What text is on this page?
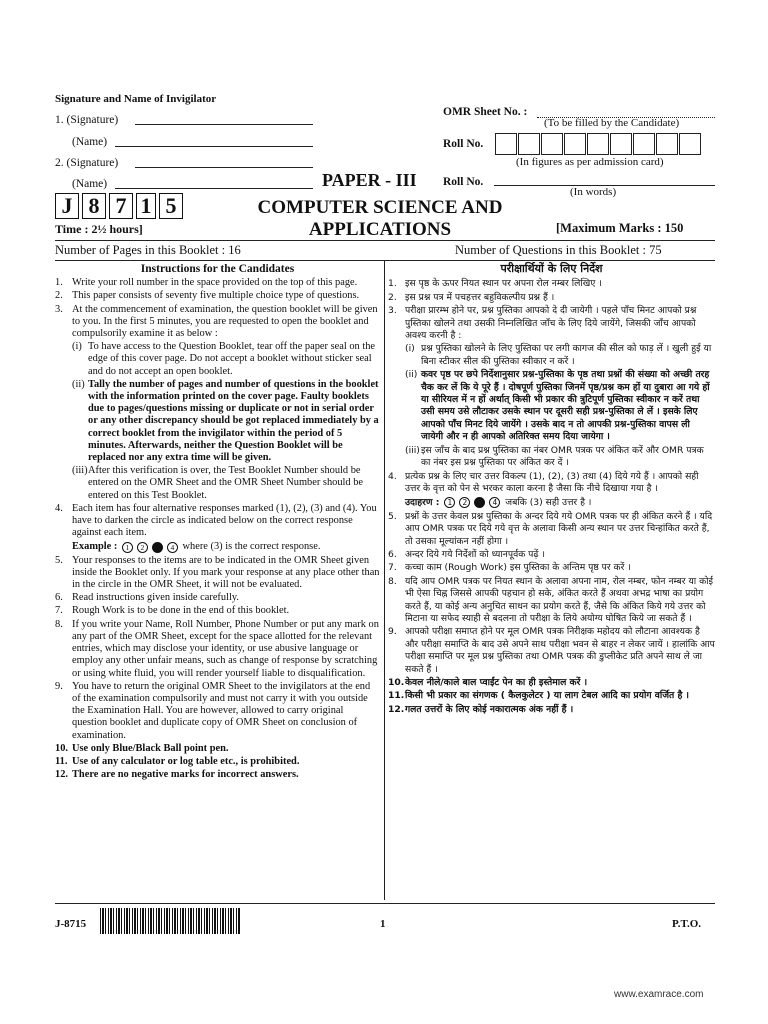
Signature and Name of Invigilator
1. (Signature)
(Name)
2. (Signature)
(Name)
OMR Sheet No. :
(To be filled by the Candidate)
Roll No.
(In figures as per admission card)
PAPER - III Roll No.
(In words)
J 8 7 1 5	COMPUTER SCIENCE AND
APPLICATIONS
Time : 2½ hours]	[Maximum Marks : 150
Number of Pages in this Booklet : 16	Number of Questions in this Booklet : 75
Instructions for the Candidates
1. Write your roll number in the space provided on the top of this page.
2. This paper consists of seventy five multiple choice type of questions.
3. At the commencement of examination, the question booklet will be given to you. In the first 5 minutes, you are requested to open the booklet and compulsorily examine it as below :
(i) To have access to the Question Booklet, tear off the paper seal on the edge of this cover page. Do not accept a booklet without sticker seal and do not accept an open booklet.
(ii) Tally the number of pages and number of questions in the booklet with the information printed on the cover page. Faulty booklets due to pages/questions missing or duplicate or not in serial order or any other discrepancy should be got replaced immediately by a correct booklet from the invigilator within the period of 5 minutes. Afterwards, neither the Question Booklet will be replaced nor any extra time will be given.
(iii) After this verification is over, the Test Booklet Number should be entered on the OMR Sheet and the OMR Sheet Number should be entered on this Test Booklet.
4. Each item has four alternative responses marked (1), (2), (3) and (4). You have to darken the circle as indicated below on the correct response against each item.
Example : 1 2	4 where (3) is the correct response.
5. Your responses to the items are to be indicated in the OMR Sheet given inside the Booklet only. If you mark your response at any place other than in the circle in the OMR Sheet, it will not be evaluated.
6. Read instructions given inside carefully.
7. Rough Work is to be done in the end of this booklet.
8. If you write your Name, Roll Number, Phone Number or put any mark on any part of the OMR Sheet, except for the space allotted for the relevant entries, which may disclose your identity, or use abusive language or employ any other unfair means, such as change of response by scratching or using white fluid, you will render yourself liable to disqualification.
9. You have to return the original OMR Sheet to the invigilators at the end of the examination compulsorily and must not carry it with you outside the Examination Hall. You are however, allowed to carry original question booklet and duplicate copy of OMR Sheet on conclusion of examination.
10. Use only Blue/Black Ball point pen.
11. Use of any calculator or log table etc., is prohibited.
12. There are no negative marks for incorrect answers.
परीक्षार्थियों के लिए निर्देश
1. इस पृष्ठ के ऊपर नियत स्थान पर अपना रोल नम्बर लिखिए ।
2. इस प्रश्न पत्र में पचहत्तर बहुविकल्पीय प्रश्न हैं ।
3. परीक्षा प्रारम्भ होने पर, प्रश्न पुस्तिका आपको दे दी जायेगी । पहले पाँच मिनट आपको प्रश्न पुस्तिका खोलने तथा उसकी निम्नलिखित जाँच के लिए दिये जायेंगे, जिसकी जाँच आपको अवश्य करनी है :
(i) प्रश्न पुस्तिका खोलने के लिए पुस्तिका पर लगी कागज की सील को फाड़ लें । खुली हुई या बिना स्टीकर सील की पुस्तिका स्वीकार न करें ।
(ii) कवर पृष्ठ पर छपे निर्देशानुसार प्रश्न-पुस्तिका के पृष्ठ तथा प्रश्नों की संख्या को अच्छी तरह चैक कर लें कि ये पूरे हैं । दोषपूर्ण पुस्तिका जिनमें पृष्ठ/प्रश्न कम हों या दुबारा आ गये हों या सीरियल में न हों अर्थात् किसी भी प्रकार की त्रुटिपूर्ण पुस्तिका स्वीकार न करें तथा उसी समय उसे लौटाकर उसके स्थान पर दूसरी सही प्रश्न-पुस्तिका ले लें । इसके लिए आपको पाँच मिनट दिये जायेंगे । उसके बाद न तो आपकी प्रश्न-पुस्तिका वापस ली जायेगी और न ही आपको अतिरिक्त समय दिया जायेगा ।
(iii) इस जाँच के बाद प्रश्न पुस्तिका का नंबर OMR पत्रक पर अंकित करें और OMR पत्रक का नंबर इस प्रश्न पुस्तिका पर अंकित कर दें ।
4. प्रत्येक प्रश्न के लिए चार उत्तर विकल्प (1), (2), (3) तथा (4) दिये गये हैं । आपको सही उत्तर के वृत्त को पेन से भरकर काला करना है जैसा कि नीचे दिखाया गया है ।
उदाहरण : 1 2	4 जबकि (3) सही उत्तर है ।
5. प्रश्नों के उत्तर केवल प्रश्न पुस्तिका के अन्दर दिये गये OMR पत्रक पर ही अंकित करने हैं । यदि आप OMR पत्रक पर दिये गये वृत्त के अलावा किसी अन्य स्थान पर उत्तर चिन्हांकित करते हैं, तो उसका मूल्यांकन नहीं होगा ।
6. अन्दर दिये गये निर्देशों को ध्यानपूर्वक पढ़ें ।
7. कच्चा काम (Rough Work) इस पुस्तिका के अन्तिम पृष्ठ पर करें ।
8. यदि आप OMR पत्रक पर नियत स्थान के अलावा अपना नाम, रोल नम्बर, फोन नम्बर या कोई भी ऐसा चिह्न जिससे आपकी पहचान हो सके, अंकित करते हैं अथवा अभद्र भाषा का प्रयोग करते हैं, या कोई अन्य अनुचित साधन का प्रयोग करते हैं, जैसे कि अंकित किये गये उत्तर को मिटाना या सफेद स्याही से बदलना तो परीक्षा के लिये अयोग्य घोषित किये जा सकते हैं ।
9. आपको परीक्षा समाप्त होने पर मूल OMR पत्रक निरीक्षक महोदय को लौटाना आवश्यक है और परीक्षा समाप्ति के बाद उसे अपने साथ परीक्षा भवन से बाहर न लेकर जायें । हालांकि आप परीक्षा समाप्ति पर मूल प्रश्न पुस्तिका तथा OMR पत्रक की डुप्लीकेट प्रति अपने साथ ले जा सकते हैं ।
10. केवल नीले/काले बाल प्वाईंट पेन का ही इस्तेमाल करें ।
11. किसी भी प्रकार का संगणक ( कैलकुलेटर ) या लाग टेबल आदि का प्रयोग वर्जित है ।
12. गलत उत्तरों के लिए कोई नकारात्मक अंक नहीं हैं ।
J-8715	1	P.T.O.
www.examrace.com
